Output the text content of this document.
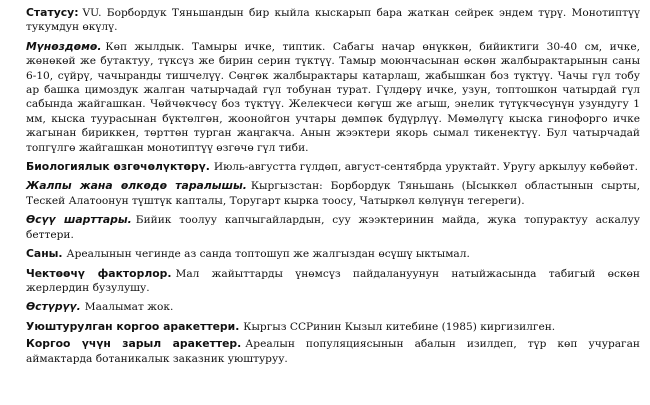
Статусу: VU. Борбордук Тяньшандын бир кыйла кыскарып бара жаткан сейрек эндем түрү. Монотиптүү тукумдун өкүлү.

Мүнөздөмө. Көп жылдык. Тамыры ичке, типтик. Сабагы начар өнүккөн, бийиктиги 30-40 см, ичке, жөнөкөй же бутактуу, түксүз же бирин серин түктүү. Тамыр моюнчасынан өскөн жалбырактарынын саны 6-10, сүйрү, чачыранды тишчелүү. Сөңгөк жалбырактары катарлаш, жабышкан боз түктүү. Чачы гүл тобу ар башка цимоздук жалган чатырчадай гүл тобунан турат. Гүлдөрү ичке, узун, топтошкон чатырдай гүл сабында жайгашкан. Чөйчөкчөсү боз түктүү. Желекчеси көгүш же агыш, энелик түтүкчөсүнүн узундугу 1 мм, кыска туурасынан бүктөлгөн, жоонойгон учтары дөмпөк бүдүрлүү. Мөмөлүгү кыска гинофорго ичке жагынан бириккен, төрттөн турган жаңгакча. Анын жээктери якорь сымал тикенектүү. Бул чатырчадай топгүлгө жайгашкан монотиптүү өзгөчө гүл тиби.

Биологиялык өзгөчөлүктөрү. Июль-августта гүлдөп, август-сентябрда уруктайт. Уругу аркылуу көбөйөт.

Жалпы жана өлкөдө таралышы. Кыргызстан: Борбордук Тяньшань (Ысыккөл областынын сырты, Тескей Алатоонун түштүк капталы, Торугарт кырка тоосу, Чатыркөл көлүнүн тегереги).

Өсүү шарттары. Бийик тоолуу капчыгайлардын, суу жээктеринин майда, жука топурактуу аскалуу беттери.

Саны. Ареалынын чегинде аз санда топтошуп же жалгыздан өсүшү ыктымал.

Чектөөчү факторлор. Мал жайыттарды үнөмсүз пайдалануунун натыйжасында табигый өскөн жерлердин бузулушу.

Өстүрүү. Маалымат жок.

Уюштурулган коргоо аракеттери. Кыргыз ССРинин Кызыл китебине (1985) киргизилген.

Коргоо үчүн зарыл аракеттер. Ареалын популяциясынын абалын изилдеп, түр көп учураган аймактарда ботаникалык заказник уюштуруу.
